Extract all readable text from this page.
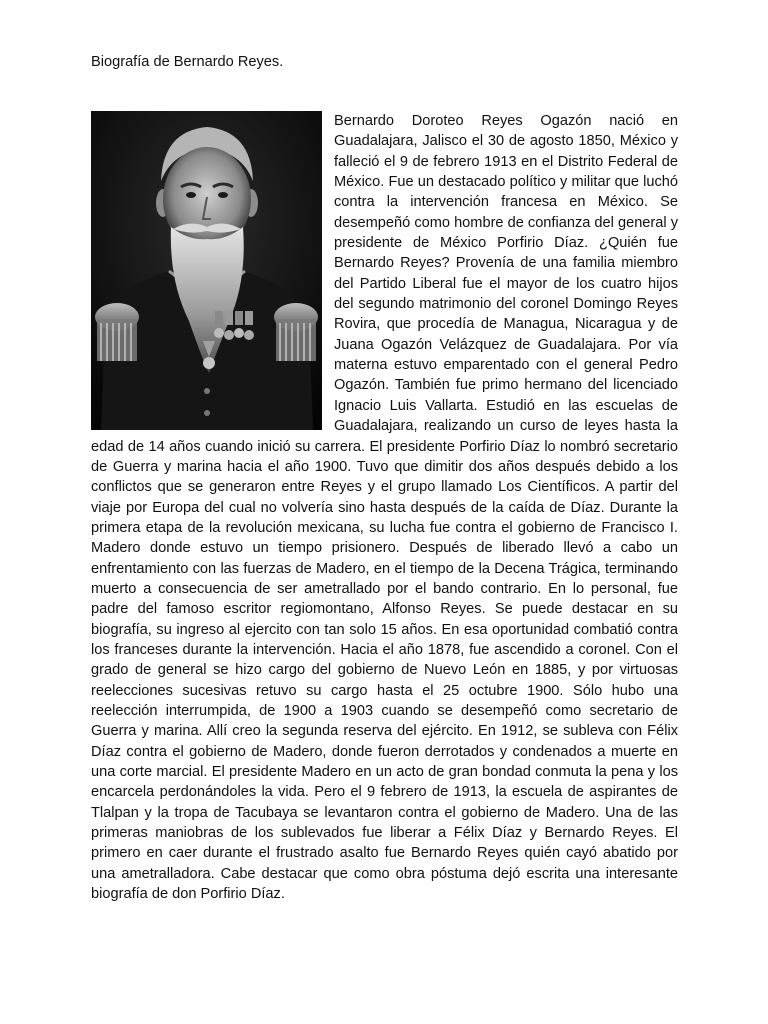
Biografía de Bernardo Reyes.
Bernardo Doroteo Reyes Ogazón nació en Guadalajara, Jalisco el 30 de agosto 1850, México y falleció el 9 de febrero 1913 en el Distrito Federal de México. Fue un destacado político y militar que luchó contra la intervención francesa en México. Se desempeñó como hombre de confianza del general y presidente de México Porfirio Díaz. ¿Quién fue Bernardo Reyes? Provenía de una familia miembro del Partido Liberal fue el mayor de los cuatro hijos del segundo matrimonio del coronel Domingo Reyes Rovira, que procedía de Managua, Nicaragua y de Juana Ogazón Velázquez de Guadalajara. Por vía materna estuvo emparentado con el general Pedro Ogazón. También fue primo hermano del licenciado Ignacio Luis Vallarta. Estudió en las escuelas de Guadalajara, realizando un curso de leyes hasta la edad de 14 años cuando inició su carrera. El presidente Porfirio Díaz lo nombró secretario de Guerra y marina hacia el año 1900. Tuvo que dimitir dos años después debido a los conflictos que se generaron entre Reyes y el grupo llamado Los Científicos. A partir del viaje por Europa del cual no volvería sino hasta después de la caída de Díaz. Durante la primera etapa de la revolución mexicana, su lucha fue contra el gobierno de Francisco I. Madero donde estuvo un tiempo prisionero. Después de liberado llevó a cabo un enfrentamiento con las fuerzas de Madero, en el tiempo de la Decena Trágica, terminando muerto a consecuencia de ser ametrallado por el bando contrario. En lo personal, fue padre del famoso escritor regiomontano, Alfonso Reyes. Se puede destacar en su biografía, su ingreso al ejercito con tan solo 15 años. En esa oportunidad combatió contra los franceses durante la intervención. Hacia el año 1878, fue ascendido a coronel. Con el grado de general se hizo cargo del gobierno de Nuevo León en 1885, y por virtuosas reelecciones sucesivas retuvo su cargo hasta el 25 octubre 1900. Sólo hubo una reelección interrumpida, de 1900 a 1903 cuando se desempeñó como secretario de Guerra y marina. Allí creo la segunda reserva del ejército. En 1912, se subleva con Félix Díaz contra el gobierno de Madero, donde fueron derrotados y condenados a muerte en una corte marcial. El presidente Madero en un acto de gran bondad conmuta la pena y los encarcela perdonándoles la vida. Pero el 9 febrero de 1913, la escuela de aspirantes de Tlalpan y la tropa de Tacubaya se levantaron contra el gobierno de Madero. Una de las primeras maniobras de los sublevados fue liberar a Félix Díaz y Bernardo Reyes. El primero en caer durante el frustrado asalto fue Bernardo Reyes quién cayó abatido por una ametralladora. Cabe destacar que como obra póstuma dejó escrita una interesante biografía de don Porfirio Díaz.
